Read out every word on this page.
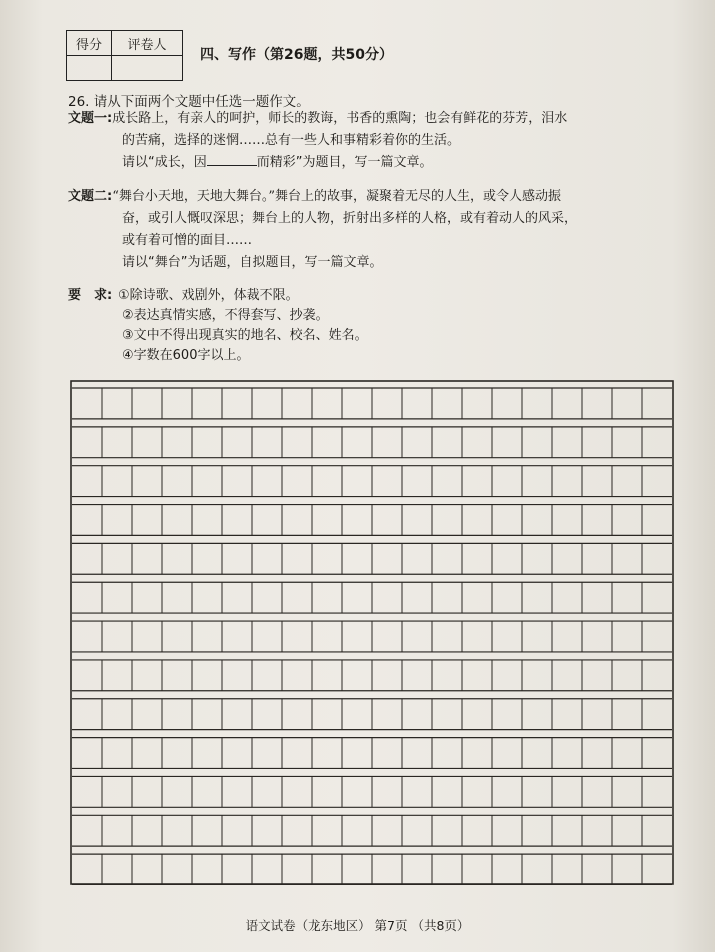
得分	评卷人

四、写作（第26题，共50分）
26. 请从下面两个文题中任选一题作文。
文题一:成长路上，有亲人的呵护，师长的教诲，书香的熏陶；也会有鲜花的芬芳，泪水
的苦痛，选择的迷惘……总有一些人和事精彩着你的生活。
请以“成长，因	而精彩”为题目，写一篇文章。
文题二:“舞台小天地，天地大舞台。”舞台上的故事，凝聚着无尽的人生，或令人感动振
奋，或引人慨叹深思；舞台上的人物，折射出多样的人格，或有着动人的风采，
或有着可憎的面目……
请以“舞台”为话题，自拟题目，写一篇文章。
要　求: ①除诗歌、戏剧外，体裁不限。
②表达真情实感，不得套写、抄袭。
③文中不得出现真实的地名、校名、姓名。
④字数在600字以上。
语文试卷（龙东地区） 第7页 （共8页）
